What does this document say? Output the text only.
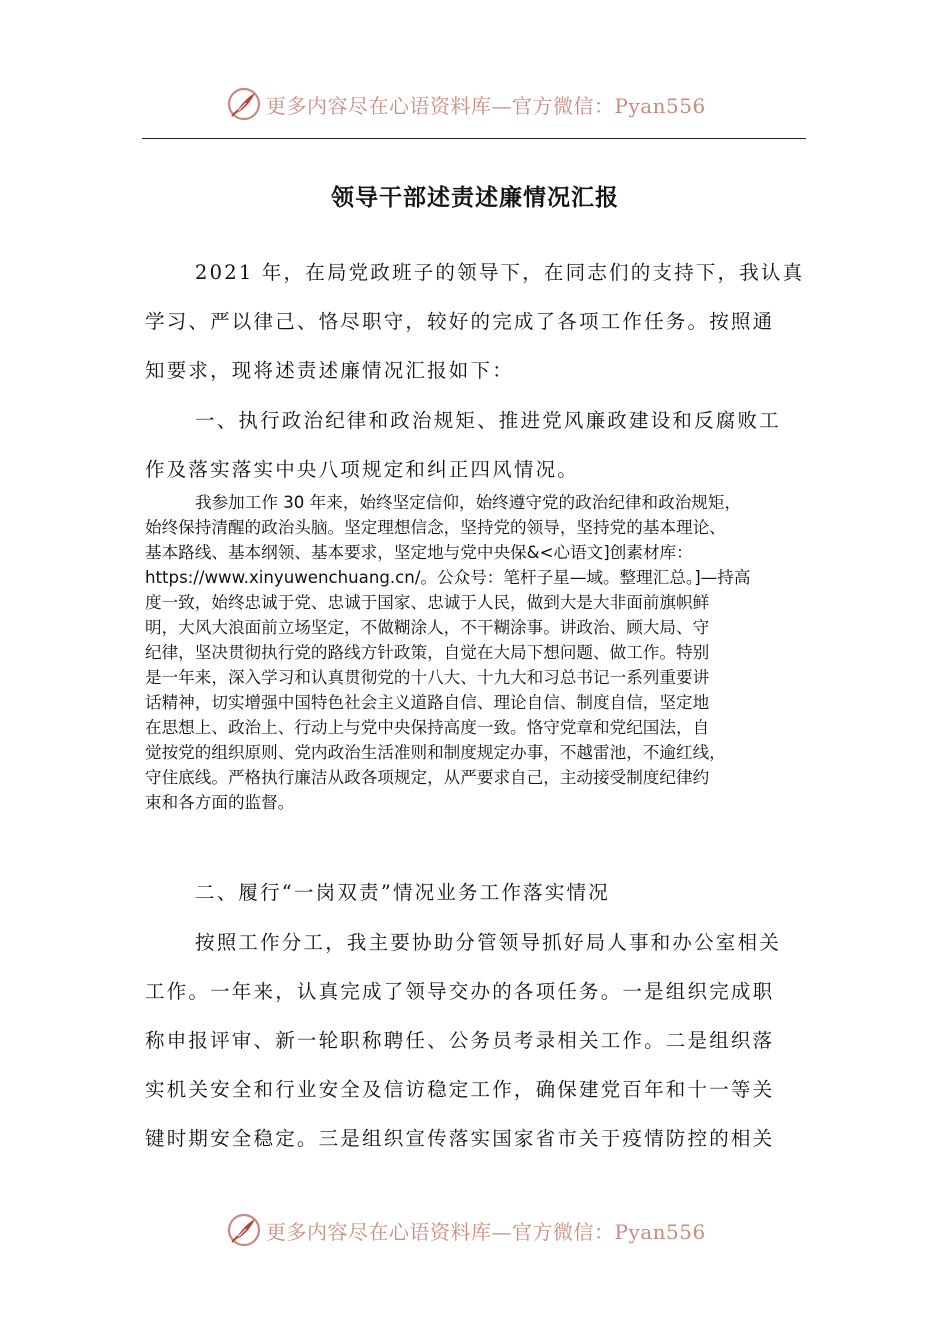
更多内容尽在心语资料库—官方微信：Pyan556
领导干部述责述廉情况汇报

2021 年，在局党政班子的领导下，在同志们的支持下，我认真
学习、严以律己、恪尽职守，较好的完成了各项工作任务。按照通
知要求，现将述责述廉情况汇报如下：

一、执行政治纪律和政治规矩、推进党风廉政建设和反腐败工
作及落实落实中央八项规定和纠正四风情况。

我参加工作 30 年来，始终坚定信仰，始终遵守党的政治纪律和政治规矩，
始终保持清醒的政治头脑。坚定理想信念，坚持党的领导，坚持党的基本理论、
基本路线、基本纲领、基本要求，坚定地与党中央保&<心语文]创素材库：
https://www.xinyuwenchuang.cn/。公众号：笔杆子星—域。整理汇总。]—持高
度一致，始终忠诚于党、忠诚于国家、忠诚于人民，做到大是大非面前旗帜鲜
明，大风大浪面前立场坚定，不做糊涂人，不干糊涂事。讲政治、顾大局、守
纪律，坚决贯彻执行党的路线方针政策，自觉在大局下想问题、做工作。特别
是一年来，深入学习和认真贯彻党的十八大、十九大和习总书记一系列重要讲
话精神，切实增强中国特色社会主义道路自信、理论自信、制度自信，坚定地
在思想上、政治上、行动上与党中央保持高度一致。恪守党章和党纪国法，自
觉按党的组织原则、党内政治生活准则和制度规定办事，不越雷池，不逾红线，
守住底线。严格执行廉洁从政各项规定，从严要求自己，主动接受制度纪律约
束和各方面的监督。

二、履行“一岗双责”情况业务工作落实情况

按照工作分工，我主要协助分管领导抓好局人事和办公室相关
工作。一年来，认真完成了领导交办的各项任务。一是组织完成职
称申报评审、新一轮职称聘任、公务员考录相关工作。二是组织落
实机关安全和行业安全及信访稳定工作，确保建党百年和十一等关
键时期安全稳定。三是组织宣传落实国家省市关于疫情防控的相关

更多内容尽在心语资料库—官方微信：Pyan556
